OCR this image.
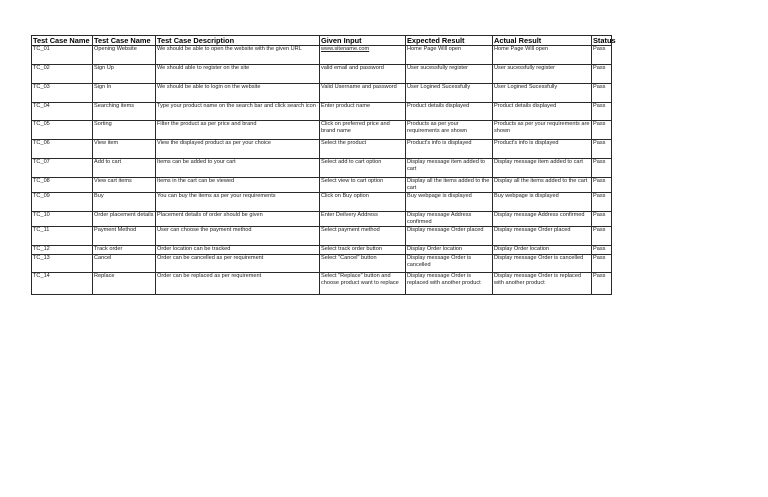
Test Case Name	Test Case Name	Test Case Description	Given Input	Expected Result	Actual Result	Status
TC_01	Opening Website	We should be able to open the website with the given URL	www.sitename.com	Home Page Will open	Home Page Will open	Pass
TC_02	Sign Up	We should able to register on the site	valid email and password	User sucessfully register	User sucessfully register	Pass
TC_03	Sign In	We should be able to login on the website	Valid Username and password	User Logined Sucessfully	User Logined Sucessfully	Pass
TC_04	Searching items	Type your product name on the search bar and click search icon	Enter product name	Product details displayed	Product details displayed	Pass
TC_05	Sorting	Filter the product as per price and brand	Click on preferred price and brand name	Products as per your requirements are shown	Products as per your requirements are shown	Pass
TC_06	View item	View the displayed product as per your choice	Select the product	Product's info is displayed	Product's info is displayed	Pass
TC_07	Add to cart	Items can be added to your cart	Select add to cart option	Display message item added to cart	Display message item added to cart	Pass
TC_08	View cart items	Items in the cart can be viewed	Select view to cart option	Display all the items added to the cart	Display all the items added to the cart	Pass
TC_09	Buy	You can buy the items as per your requirements	Click on Buy option	Buy webpage is displayed	Buy webpage is displayed	Pass
TC_10	Order placement details	Placement details of order should be given	Enter Deilvery Address	Display message Address confirmed	Display message Address confirmed	Pass
TC_11	Payment Method	User can choose the payment method	Select payment method	Display message Order placed	Display message Order placed	Pass
TC_12	Track order	Order location can be tracked	Select track order button	Display Order location	Display Order location	Pass
TC_13	Cancel	Order can be cancelled as per requirement	Select "Cancel" button	Display message Order is cancelled	Display message Order is cancelled	Pass
TC_14	Replace	Order can be replaced as per requirement	Select "Replace" button and choose product want to replace	Display message Order is replaced with another product	Display message Order is replaced with another product	Pass
